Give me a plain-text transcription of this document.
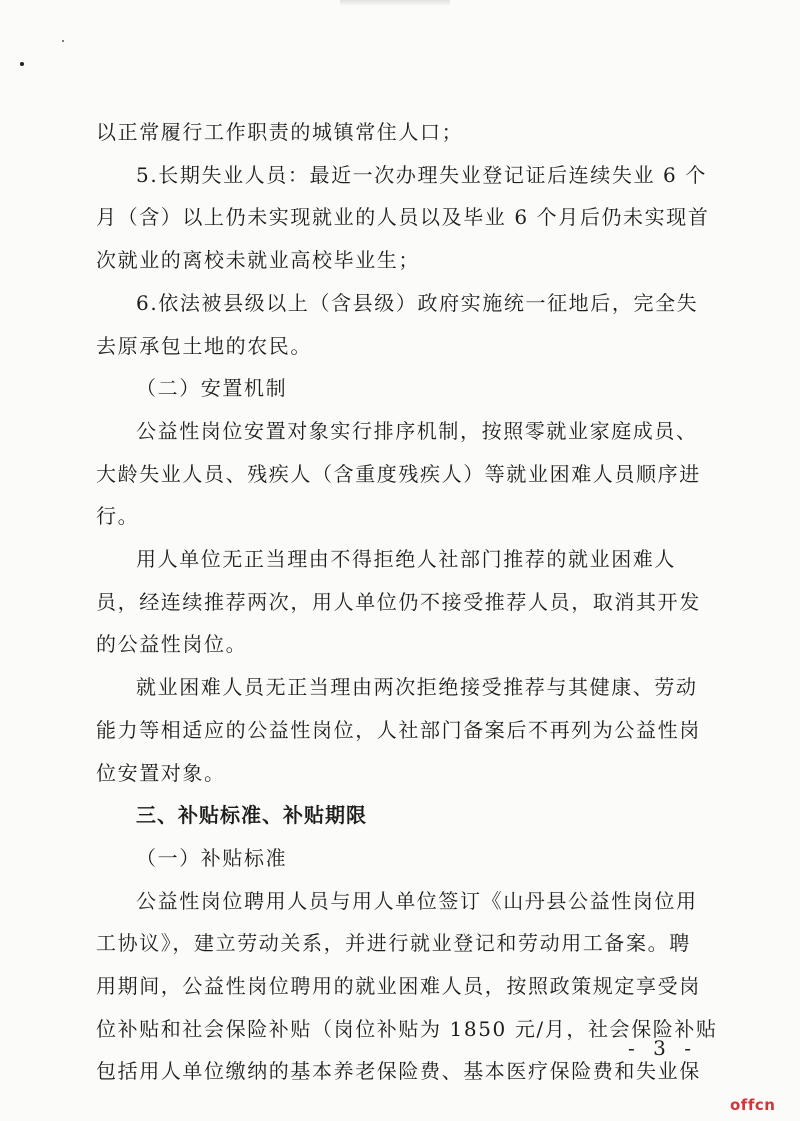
- 3 -
offcn
以正常履行工作职责的城镇常住人口；
5.长期失业人员：最近一次办理失业登记证后连续失业 6 个
月（含）以上仍未实现就业的人员以及毕业 6 个月后仍未实现首
次就业的离校未就业高校毕业生；
6.依法被县级以上（含县级）政府实施统一征地后，完全失
去原承包土地的农民。
（二）安置机制
公益性岗位安置对象实行排序机制，按照零就业家庭成员、
大龄失业人员、残疾人（含重度残疾人）等就业困难人员顺序进
行。
用人单位无正当理由不得拒绝人社部门推荐的就业困难人
员，经连续推荐两次，用人单位仍不接受推荐人员，取消其开发
的公益性岗位。
就业困难人员无正当理由两次拒绝接受推荐与其健康、劳动
能力等相适应的公益性岗位，人社部门备案后不再列为公益性岗
位安置对象。
三、补贴标准、补贴期限
（一）补贴标准
公益性岗位聘用人员与用人单位签订《山丹县公益性岗位用
工协议》，建立劳动关系，并进行就业登记和劳动用工备案。聘
用期间，公益性岗位聘用的就业困难人员，按照政策规定享受岗
位补贴和社会保险补贴（岗位补贴为 1850 元/月，社会保险补贴
包括用人单位缴纳的基本养老保险费、基本医疗保险费和失业保
